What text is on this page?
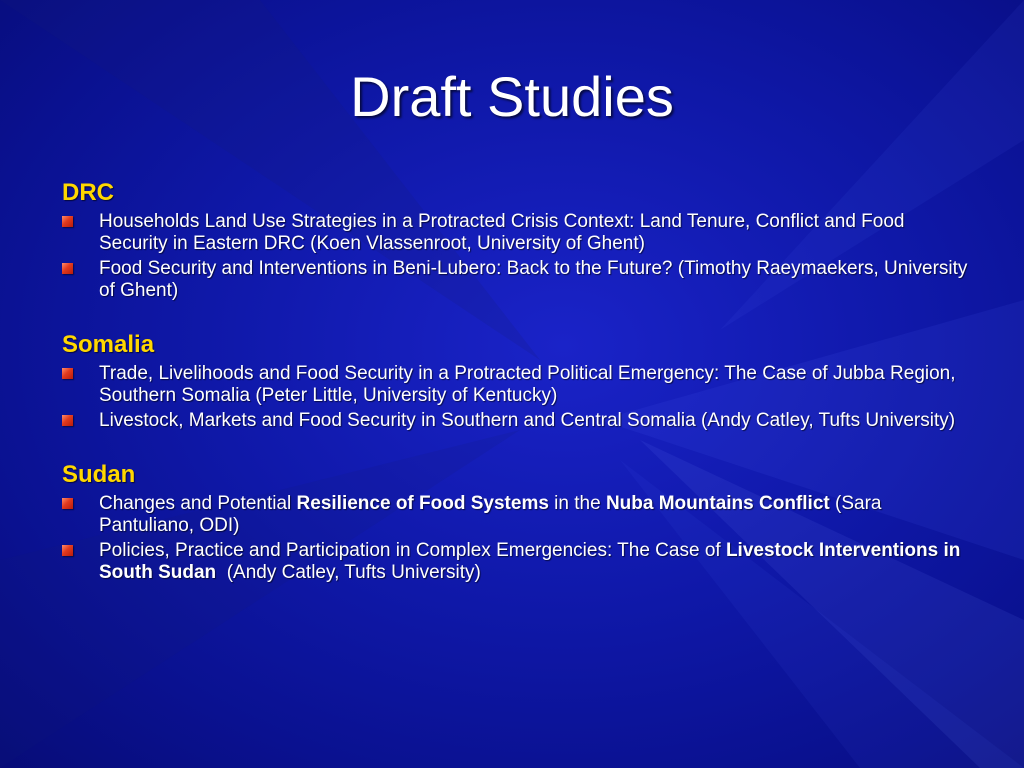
Draft Studies
DRC
Households Land Use Strategies in a Protracted Crisis Context: Land Tenure, Conflict and Food Security in Eastern DRC (Koen Vlassenroot, University of Ghent)
Food Security and Interventions in Beni-Lubero: Back to the Future? (Timothy Raeymaekers, University of Ghent)
Somalia
Trade, Livelihoods and Food Security in a Protracted Political Emergency: The Case of Jubba Region, Southern Somalia (Peter Little, University of Kentucky)
Livestock, Markets and Food Security in Southern and Central Somalia (Andy Catley, Tufts University)
Sudan
Changes and Potential Resilience of Food Systems in the Nuba Mountains Conflict (Sara Pantuliano, ODI)
Policies, Practice and Participation in Complex Emergencies: The Case of Livestock Interventions in South Sudan  (Andy Catley, Tufts University)
